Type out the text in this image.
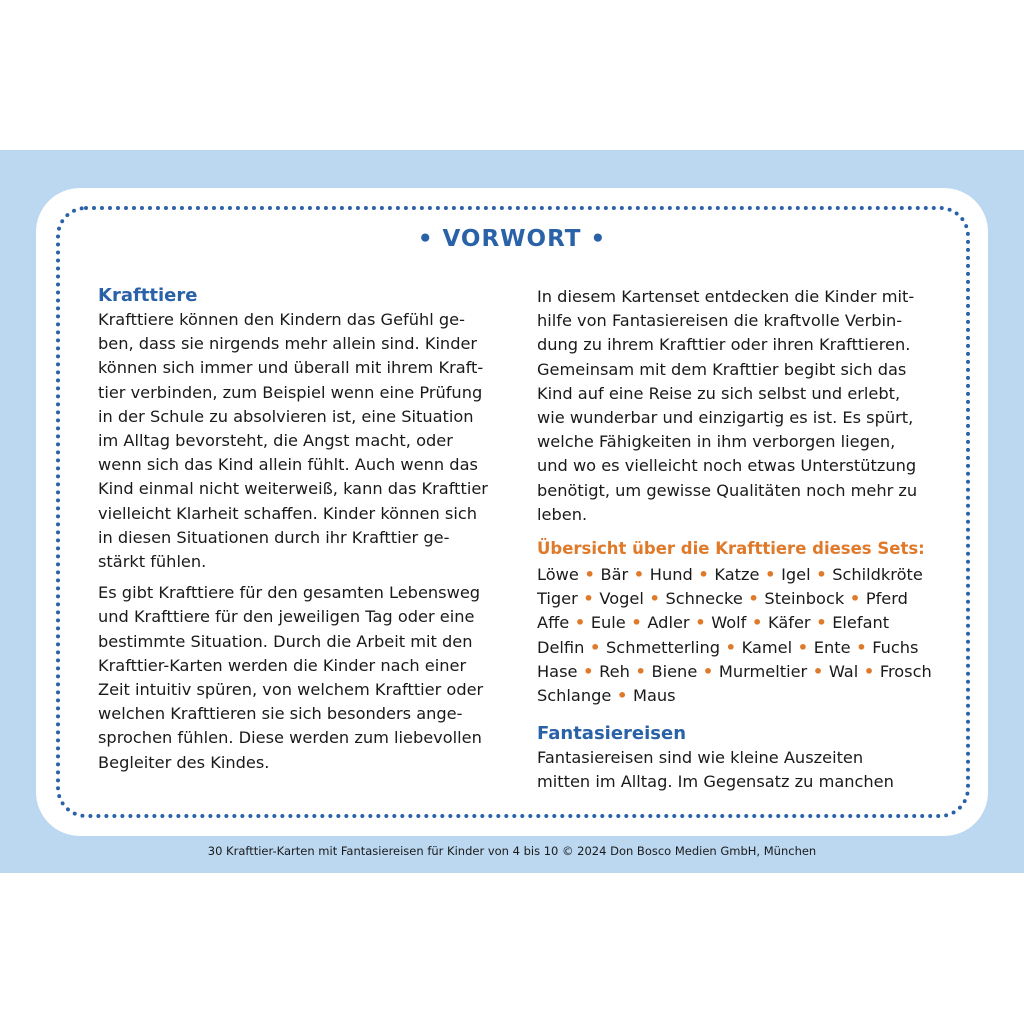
• VORWORT •
Krafttiere

Krafttiere können den Kindern das Gefühl ge-
ben, dass sie nirgends mehr allein sind. Kinder
können sich immer und überall mit ihrem Kraft-
tier verbinden, zum Beispiel wenn eine Prüfung
in der Schule zu absolvieren ist, eine Situation
im Alltag bevorsteht, die Angst macht, oder
wenn sich das Kind allein fühlt. Auch wenn das
Kind einmal nicht weiterweiß, kann das Krafttier
vielleicht Klarheit schaffen. Kinder können sich
in diesen Situationen durch ihr Krafttier ge-
stärkt fühlen.

Es gibt Krafttiere für den gesamten Lebensweg
und Krafttiere für den jeweiligen Tag oder eine
bestimmte Situation. Durch die Arbeit mit den
Krafttier-Karten werden die Kinder nach einer
Zeit intuitiv spüren, von welchem Krafttier oder
welchen Krafttieren sie sich besonders ange-
sprochen fühlen. Diese werden zum liebevollen
Begleiter des Kindes.

In diesem Kartenset entdecken die Kinder mit-
hilfe von Fantasiereisen die kraftvolle Verbin-
dung zu ihrem Krafttier oder ihren Krafttieren.
Gemeinsam mit dem Krafttier begibt sich das
Kind auf eine Reise zu sich selbst und erlebt,
wie wunderbar und einzigartig es ist. Es spürt,
welche Fähigkeiten in ihm verborgen liegen,
und wo es vielleicht noch etwas Unterstützung
benötigt, um gewisse Qualitäten noch mehr zu
leben.

Übersicht über die Krafttiere dieses Sets:
Löwe • Bär • Hund • Katze • Igel • Schildkröte
Tiger • Vogel • Schnecke • Steinbock • Pferd
Affe • Eule • Adler • Wolf • Käfer • Elefant
Delfin • Schmetterling • Kamel • Ente • Fuchs
Hase • Reh • Biene • Murmeltier • Wal • Frosch
Schlange • Maus
Fantasiereisen

Fantasiereisen sind wie kleine Auszeiten
mitten im Alltag. Im Gegensatz zu manchen

30 Krafttier-Karten mit Fantasiereisen für Kinder von 4 bis 10 © 2024 Don Bosco Medien GmbH, München
